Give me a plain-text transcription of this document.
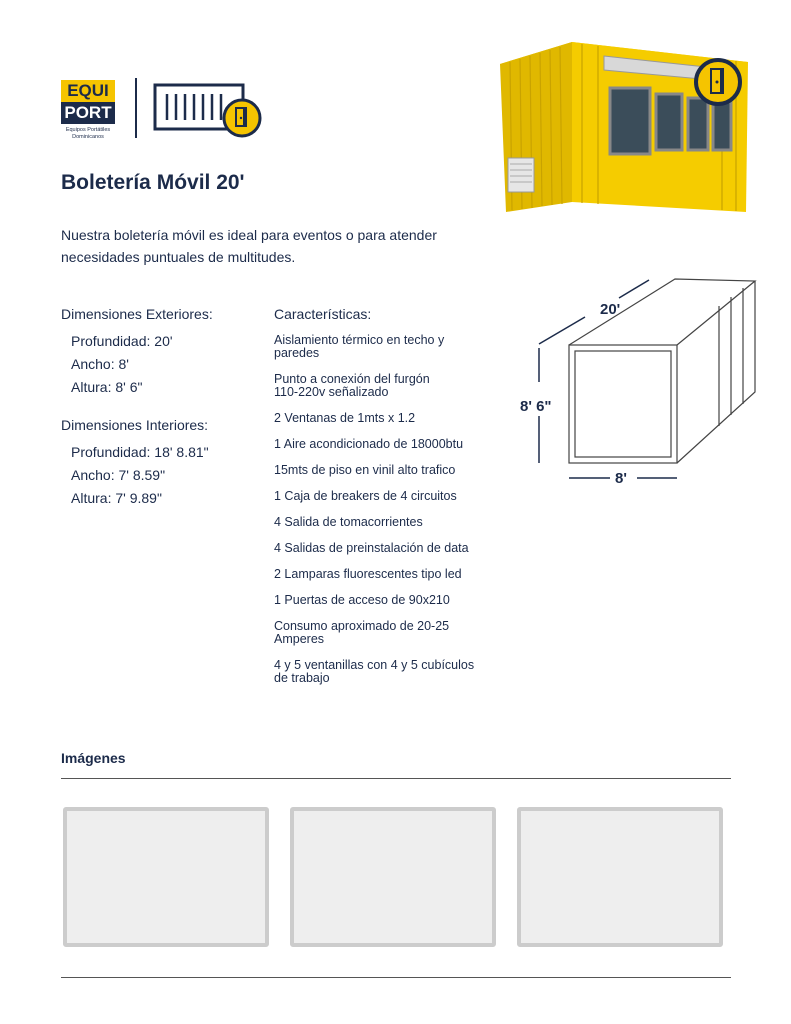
EQUI
PORT
Equipos Portátiles
Dominicanos
Boletería Móvil 20'
Nuestra boletería móvil es ideal para eventos o para atender
necesidades puntuales de multitudes.
Dimensiones Exteriores:
Profundidad: 20'
Ancho: 8'
Altura: 8' 6"
Dimensiones Interiores:
Profundidad: 18' 8.81"
Ancho: 7' 8.59"
Altura: 7' 9.89"
Características:
Aislamiento térmico en techo y
paredes
Punto a conexión del furgón
110-220v señalizado
2 Ventanas de 1mts x 1.2
1 Aire acondicionado de 18000btu
15mts de piso en vinil alto trafico
1 Caja de breakers de 4 circuitos
4 Salida de tomacorrientes
4 Salidas de preinstalación de data
2 Lamparas fluorescentes tipo led
1 Puertas de acceso de 90x210
Consumo aproximado de 20-25
Amperes
4 y 5 ventanillas con 4 y 5 cubículos
de trabajo
20'
8' 6"
8'
Imágenes
